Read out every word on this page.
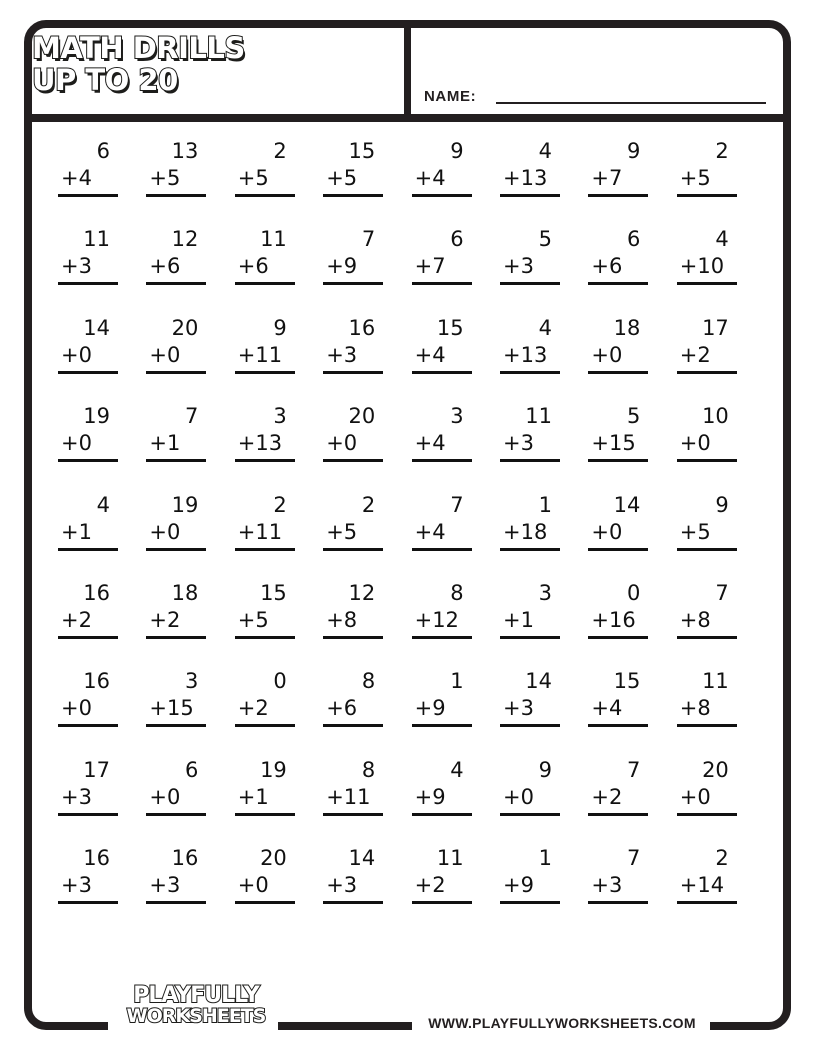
MATH DRILLS
UP TO 20	NAME:
6
+4
13
+5
2
+5
15
+5
9
+4
4
+13
9
+7
2
+5
11
+3
12
+6
11
+6
7
+9
6
+7
5
+3
6
+6
4
+10
14
+0
20
+0
9
+11
16
+3
15
+4
4
+13
18
+0
17
+2
19
+0
7
+1
3
+13
20
+0
3
+4
11
+3
5
+15
10
+0
4
+1
19
+0
2
+11
2
+5
7
+4
1
+18
14
+0
9
+5
16
+2
18
+2
15
+5
12
+8
8
+12
3
+1
0
+16
7
+8
16
+0
3
+15
0
+2
8
+6
1
+9
14
+3
15
+4
11
+8
17
+3
6
+0
19
+1
8
+11
4
+9
9
+0
7
+2
20
+0
16
+3
16
+3
20
+0
14
+3
11
+2
1
+9
7
+3
2
+14
PLAYFULLY
WORKSHEETS	WWW.PLAYFULLYWORKSHEETS.COM
